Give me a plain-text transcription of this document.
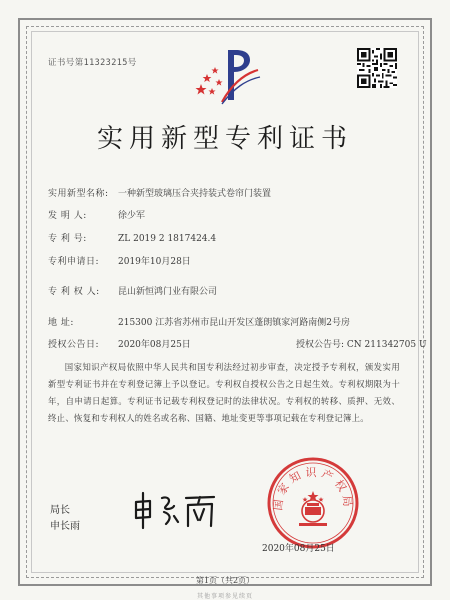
证书号第11323215号
实用新型专利证书
实用新型名称: 一种新型玻璃压合夹持装式卷帘门装置
发 明 人:	徐少军
专 利 号:	ZL 2019 2 1817424.4
专利申请日: 2019年10月28日
专 利 权 人: 昆山新恒鸿门业有限公司
地 址:	215300 江苏省苏州市昆山开发区蓬朗镇家河路南侧2号房
授权公告日: 2020年08月25日	授权公告号: CN 211342705 U

国家知识产权局依照中华人民共和国专利法经过初步审查，决定授予专利权，颁发实用新型专利证书并在专利登记簿上予以登记。专利权自授权公告之日起生效。专利权期限为十年，自申请日起算。专利证书记载专利权登记时的法律状况。专利权的转移、质押、无效、终止、恢复和专利权人的姓名或名称、国籍、地址变更等事项记载在专利登记簿上。

局长
申长雨
国家知识产权局
2020年08月25日
第1页（共2页）
其他事项参见续页
